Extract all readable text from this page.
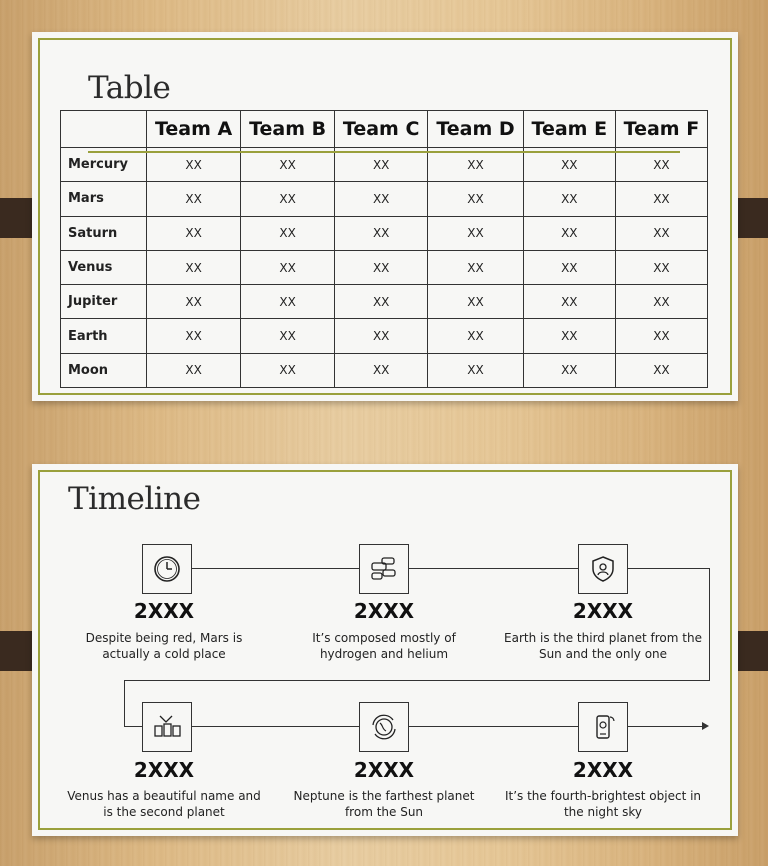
Table
	Team A	Team B	Team C	Team D	Team E	Team F
Mercury	XX	XX	XX	XX	XX	XX
Mars	XX	XX	XX	XX	XX	XX
Saturn	XX	XX	XX	XX	XX	XX
Venus	XX	XX	XX	XX	XX	XX
Jupiter	XX	XX	XX	XX	XX	XX
Earth	XX	XX	XX	XX	XX	XX
Moon	XX	XX	XX	XX	XX	XX
Timeline
2XXX
Despite being red, Mars is actually a cold place
2XXX
It’s composed mostly of hydrogen and helium
2XXX
Earth is the third planet from the Sun and the only one
2XXX
Venus has a beautiful name and is the second planet
2XXX
Neptune is the farthest planet from the Sun
2XXX
It’s the fourth-brightest object in the night sky
